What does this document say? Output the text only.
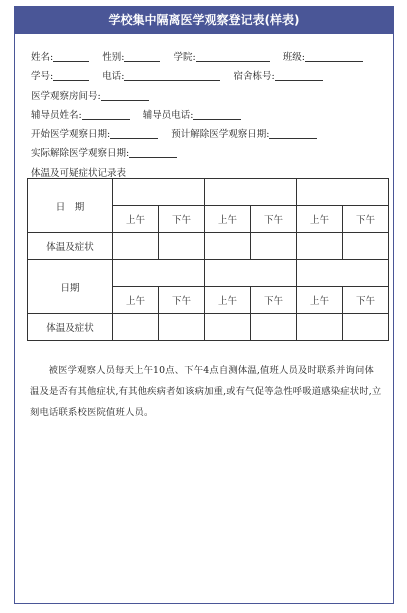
学校集中隔离医学观察登记表(样表)
姓名:	性别:	学院:	班级:
学号:	电话:	宿舍栋号:
医学观察房间号:
辅导员姓名:	辅导员电话:
开始医学观察日期:	预计解除医学观察日期:
实际解除医学观察日期:
体温及可疑症状记录表
日　期						
	上午	下午	上午	下午	上午	下午
体温及症状						
日期						
	上午	下午	上午	下午	上午	下午
体温及症状						
被医学观察人员每天上午10点、下午4点自测体温,值班人员及时联系并询问体温及是否有其他症状,有其他疾病者如该病加重,或有气促等急性呼吸道感染症状时,立刻电话联系校医院值班人员。
